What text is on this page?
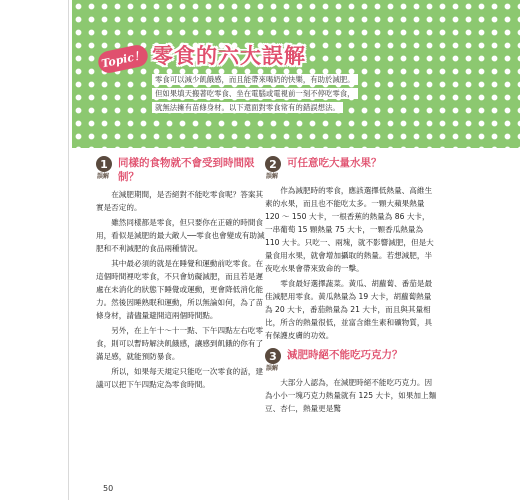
Topic！ 零食的六大誤解
零食可以減少飢餓感，而且能帶來喝奶的快樂，有助於減肥。
但如果填天搬著吃零食、坐在電腦或電視前一刻不停吃零食，
就無法擁有苗條身材。以下還面對零食常有的錯誤想法。
1
誤解
同樣的食物就不會受到時間限制？

在減肥期間，是否絕對不能吃零食呢？答案其實是否定的。

雖然同樣都是零食，但只要你在正確的時間食用，看似是減肥的最大敵人──零食也會變成有助減肥和不利減肥的食品兩種情況。

其中最必須的就是在睡覺和運動前吃零食。在這個時間裡吃零食，不只會妨礙減肥，而且若是遲處在未消化的狀態下睡覺或運動，更會降低消化能力。然後因睡熟眠和運動，所以無論如何，為了苗條身材，請儘量避開這兩個時間點。

另外，在上午十～十一點、下午四點左右吃零食，則可以暫時解決飢餓感，讓感到飢餓的你有了滿足感，就能預防暴食。

所以，如果每天規定只能吃一次零食的話，建議可以把下午四點定為零食時間。

2
誤解
可任意吃大量水果？

作為減肥時的零食，應該選擇低熱量、高維生素的水果，而且也不能吃太多。一顆大蘋果熱量 120 ～ 150 大卡，一根香蕉的熱量為 86 大卡，一串葡萄 15 顆熱量 75 大卡，一顆香瓜熱量為 110 大卡。只吃一、兩塊，就不影響減肥，但是大量食用水果，就會增加攝取的熱量。若想減肥，半夜吃水果會帶來致命的一擊。

零食最好選擇蔬菜。黃瓜、胡蘿蔔、番茄是最佳減肥用零食。黃瓜熱量為 19 大卡，胡蘿蔔熱量為 20 大卡，番茄熱量為 21 大卡，而且與其量相比，所含的熱量很低，並富含維生素和礦物質，具有保護皮膚的功效。

3
誤解
減肥時絕不能吃巧克力？

大部分人認為，在減肥時絕不能吃巧克力。因為小小一塊巧克力熱量就有 125 大卡，如果加上麵豆、杏仁，熱量更是驚

50
